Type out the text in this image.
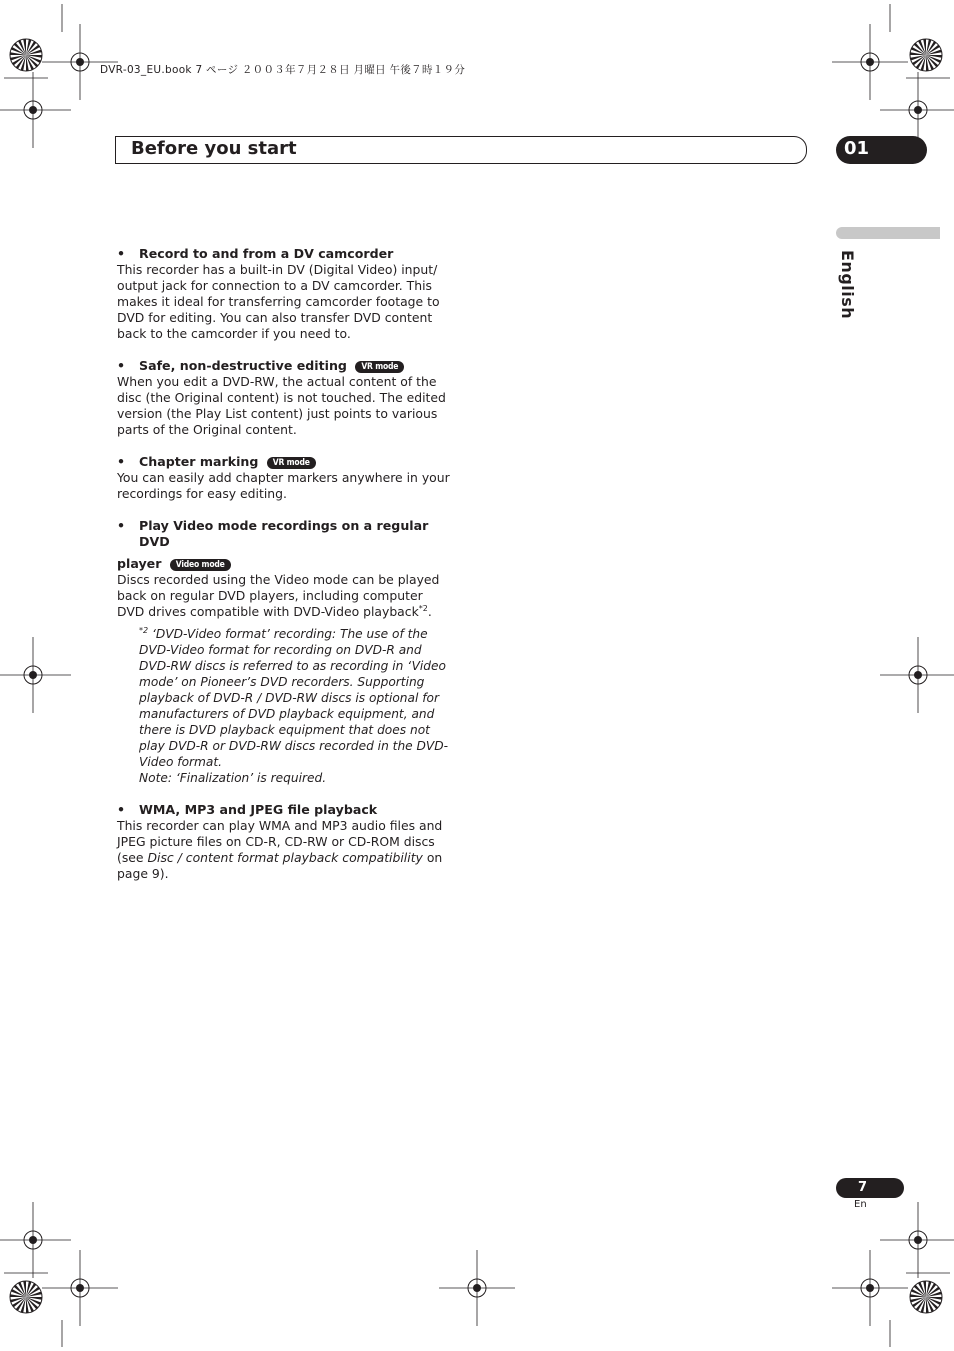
DVR-03_EU.book 7 ページ ２００３年７月２８日 月曜日 午後７時１９分
Before you start	01
English
• Record to and from a DV camcorder
This recorder has a built-in DV (Digital Video) input/ output jack for connection to a DV camcorder. This makes it ideal for transferring camcorder footage to DVD for editing. You can also transfer DVD content back to the camcorder if you need to.
• Safe, non-destructive editing VR mode
When you edit a DVD-RW, the actual content of the disc (the Original content) is not touched. The edited version (the Play List content) just points to various parts of the Original content.
• Chapter marking VR mode
You can easily add chapter markers anywhere in your recordings for easy editing.
• Play Video mode recordings on a regular DVD
player Video mode
Discs recorded using the Video mode can be played back on regular DVD players, including computer DVD drives compatible with DVD-Video playback$^{*2}$.
$^{*2}$ ‘DVD-Video format’ recording: The use of the DVD-Video format for recording on DVD-R and DVD-RW discs is referred to as recording in ‘Video mode’ on Pioneer’s DVD recorders. Supporting playback of DVD-R / DVD-RW discs is optional for manufacturers of DVD playback equipment, and there is DVD playback equipment that does not play DVD-R or DVD-RW discs recorded in the DVD-Video format.
Note: ‘Finalization’ is required.
• WMA, MP3 and JPEG file playback
This recorder can play WMA and MP3 audio files and JPEG picture files on CD-R, CD-RW or CD-ROM discs (see Disc / content format playback compatibility on page 9).
7
En
